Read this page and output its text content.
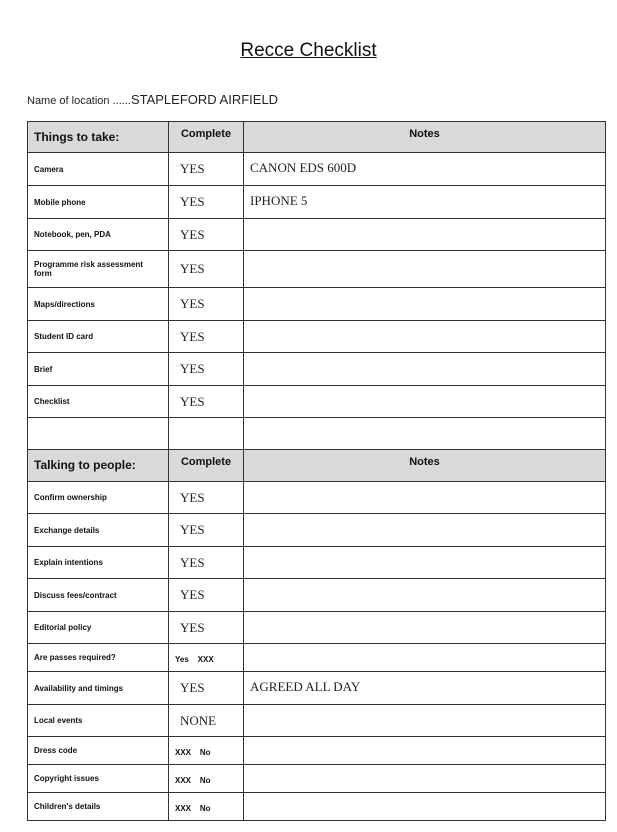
Recce Checklist
Name of location ......STAPLEFORD AIRFIELD
Things to take:	Complete	Notes
Camera	YES	CANON EDS 600D
Mobile phone	YES	IPHONE 5
Notebook, pen, PDA	YES	
Programme risk assessment form	YES	
Maps/directions	YES	
Student ID card	YES	
Brief	YES	
Checklist	YES	

Talking to people:	Complete	Notes
Confirm ownership	YES	
Exchange details	YES	
Explain intentions	YES	
Discuss fees/contract	YES	
Editorial policy	YES	
Are passes required?	Yes    XXX	
Availability and timings	YES	AGREED ALL DAY
Local events	NONE	
Dress code	XXX    No	
Copyright issues	XXX    No	
Children's details	XXX    No	
